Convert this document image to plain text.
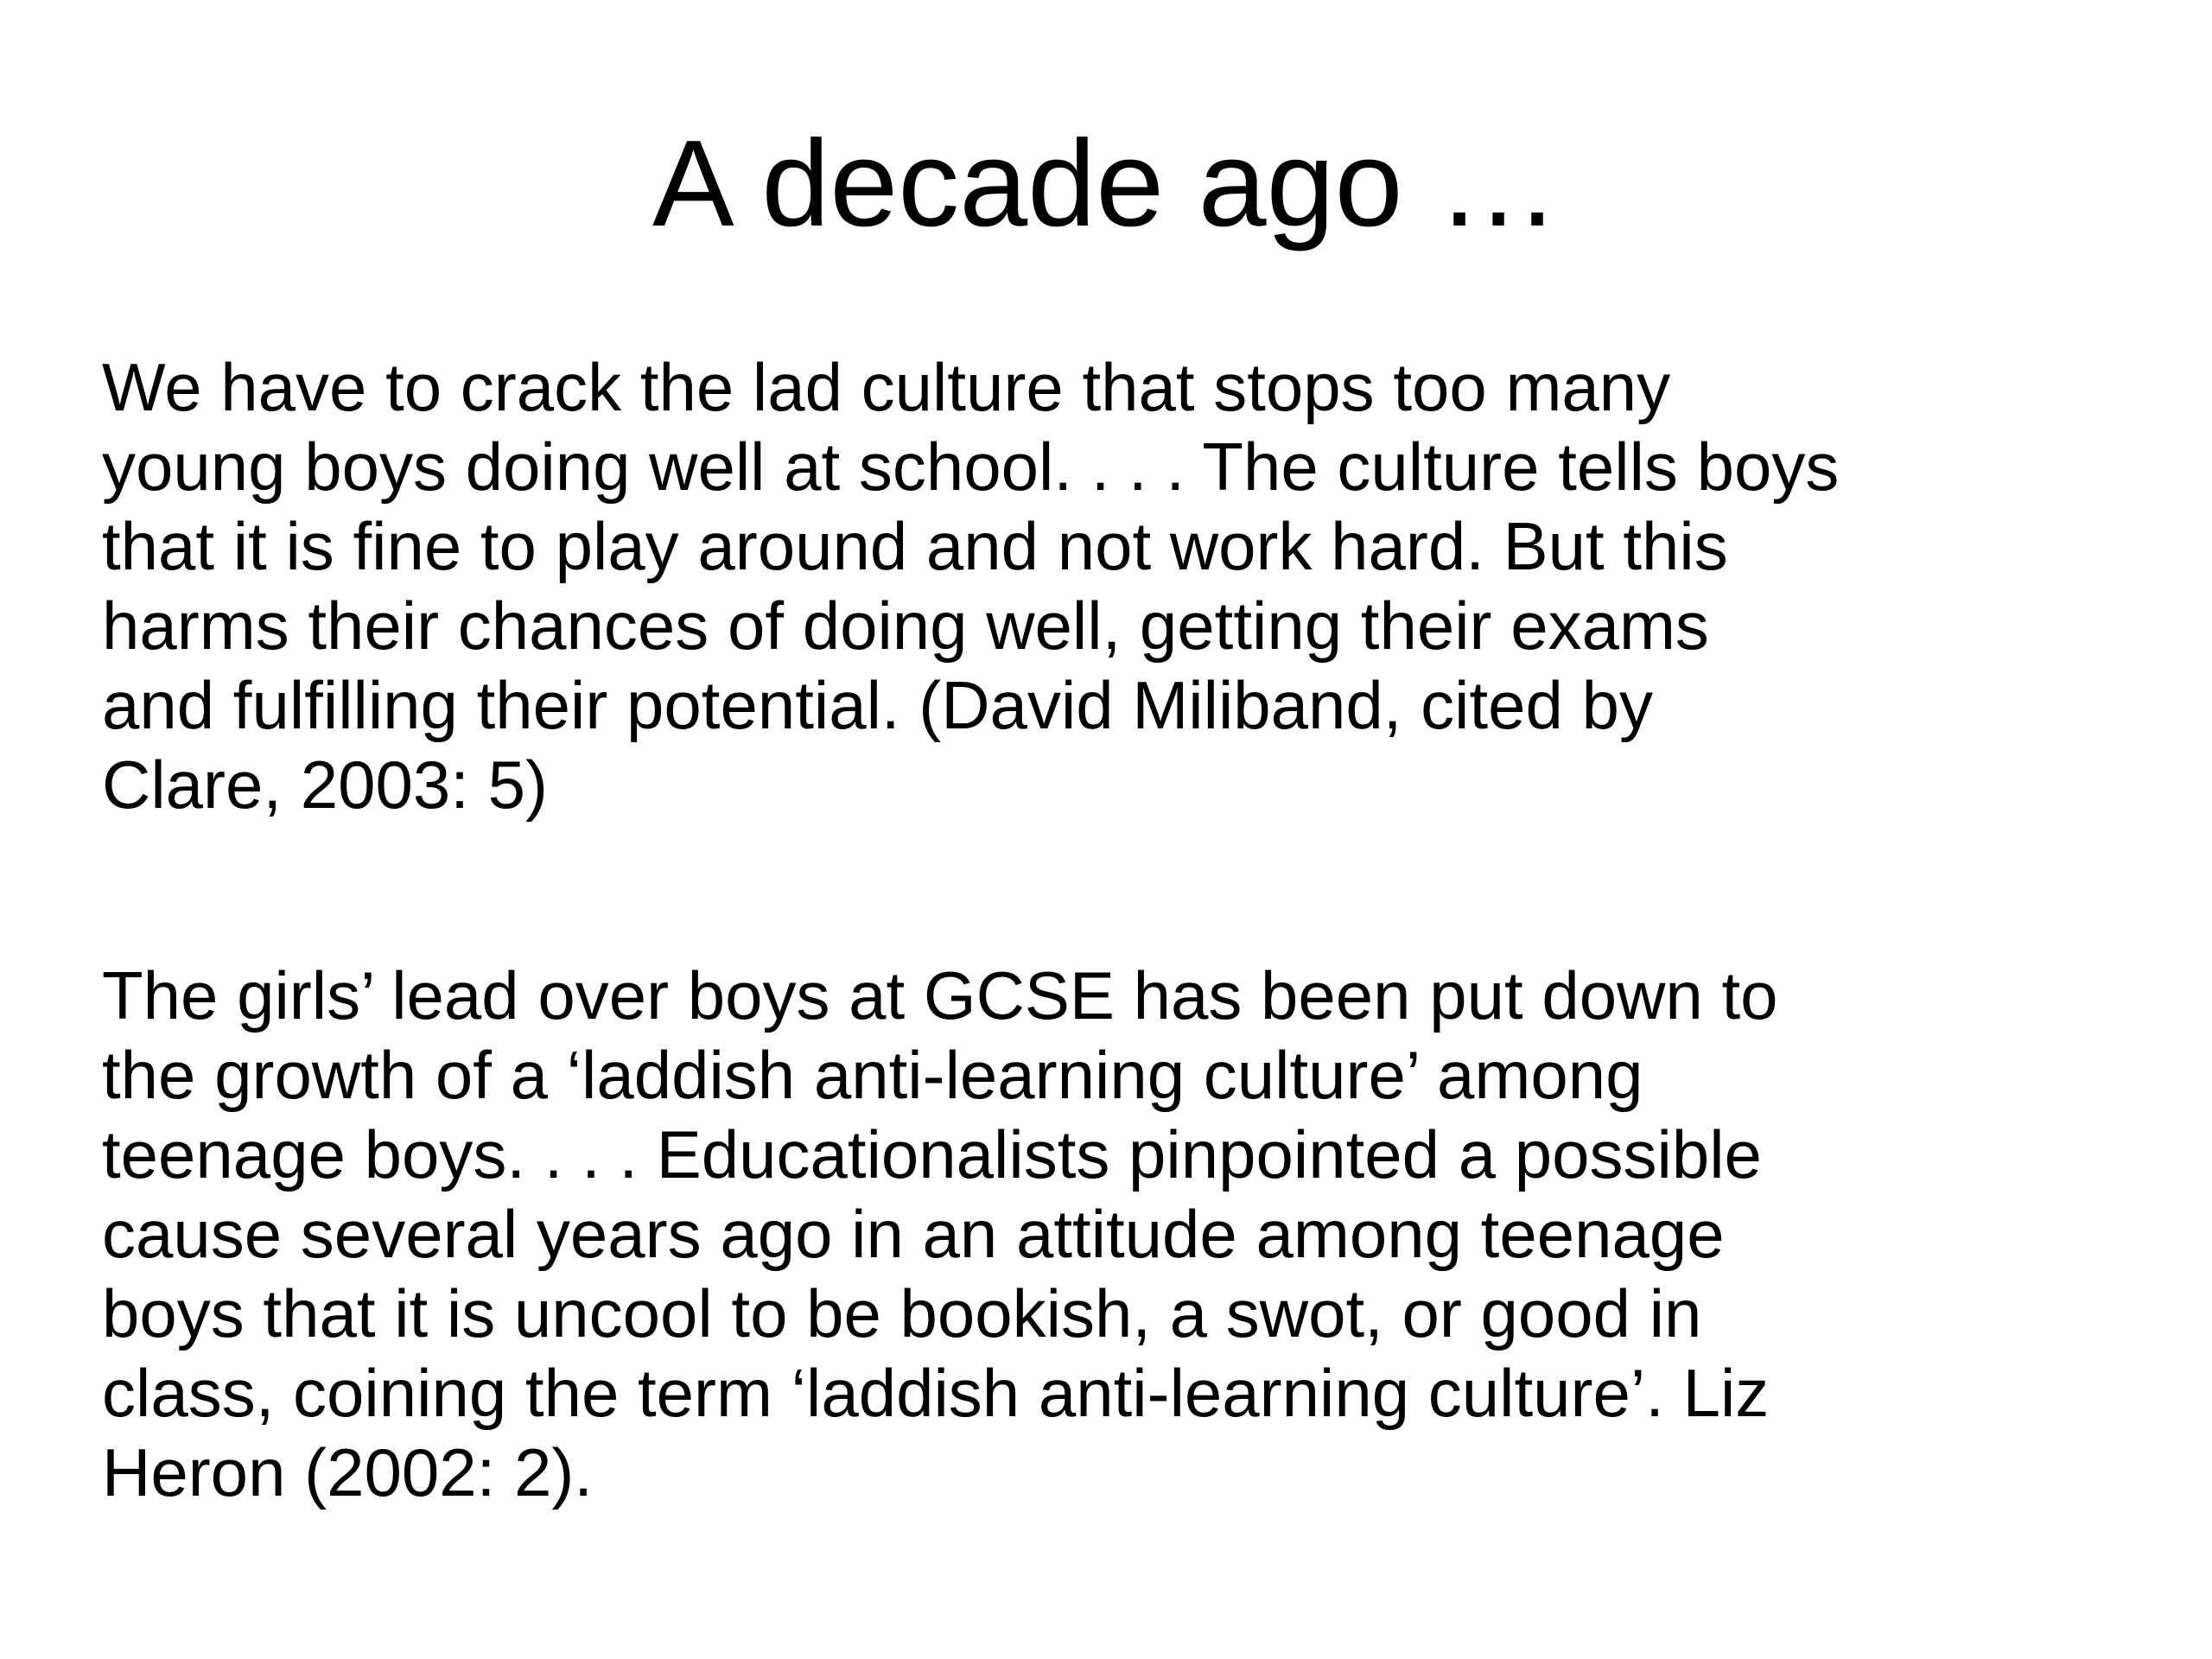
A decade ago …

We have to crack the lad culture that stops too many
young boys doing well at school. . . . The culture tells boys
that it is fine to play around and not work hard. But this
harms their chances of doing well, getting their exams
and fulfilling their potential. (David Miliband, cited by
Clare, 2003: 5)

The girls’ lead over boys at GCSE has been put down to
the growth of a ‘laddish anti-learning culture’ among
teenage boys. . . . Educationalists pinpointed a possible
cause several years ago in an attitude among teenage
boys that it is uncool to be bookish, a swot, or good in
class, coining the term ‘laddish anti-learning culture’. Liz
Heron (2002: 2).
